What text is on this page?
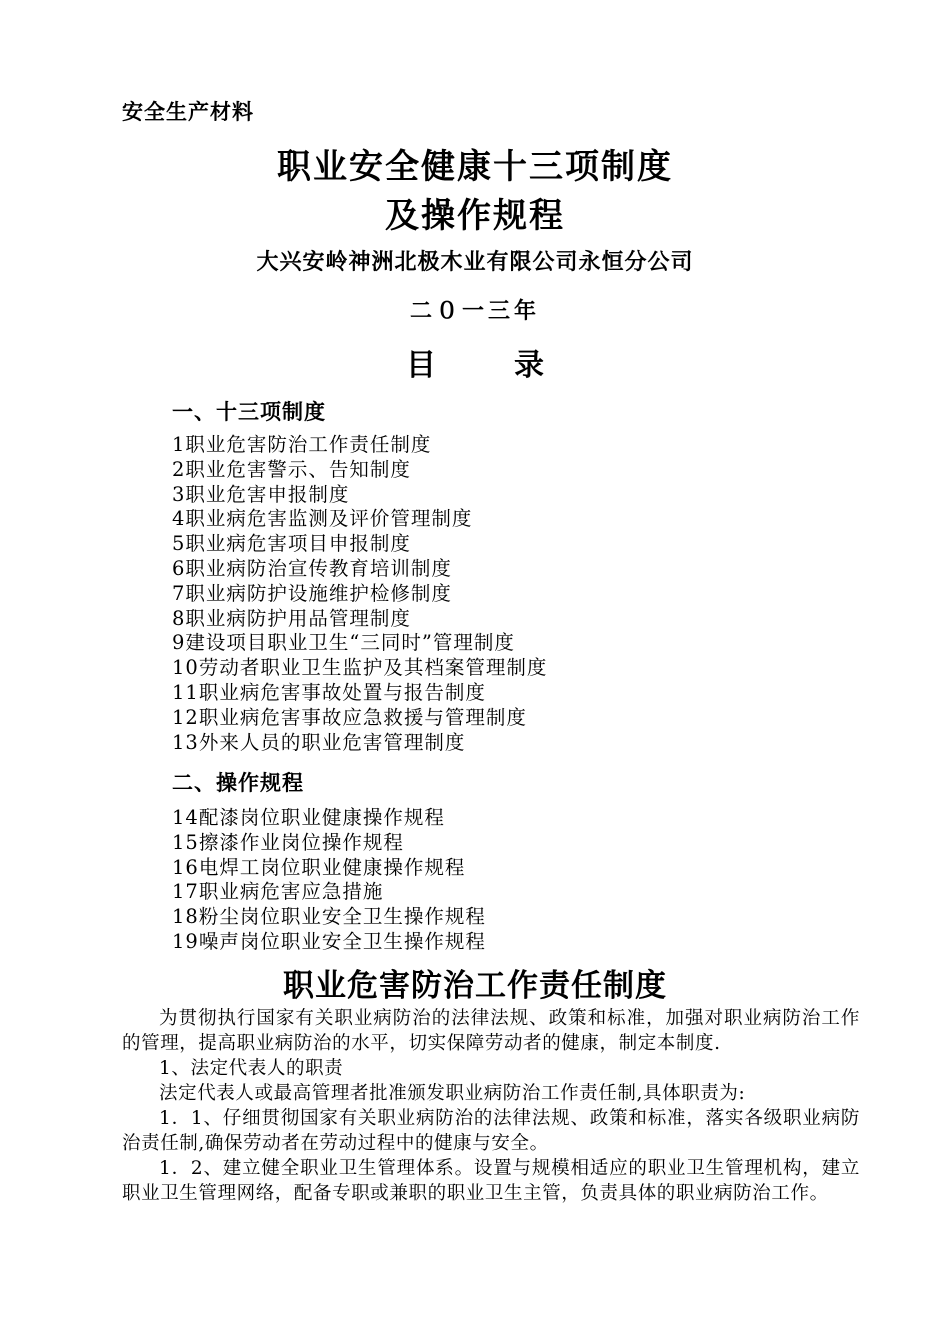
安全生产材料
职业安全健康十三项制度
及操作规程
大兴安岭神洲北极木业有限公司永恒分公司
二０一三年
目	录
一、十三项制度
1职业危害防治工作责任制度
2职业危害警示、告知制度
3职业危害申报制度
4职业病危害监测及评价管理制度
5职业病危害项目申报制度
6职业病防治宣传教育培训制度
7职业病防护设施维护检修制度
8职业病防护用品管理制度
9建设项目职业卫生“三同时”管理制度
10劳动者职业卫生监护及其档案管理制度
11职业病危害事故处置与报告制度
12职业病危害事故应急救援与管理制度
13外来人员的职业危害管理制度
二、操作规程
14配漆岗位职业健康操作规程
15擦漆作业岗位操作规程
16电焊工岗位职业健康操作规程
17职业病危害应急措施
18粉尘岗位职业安全卫生操作规程
19噪声岗位职业安全卫生操作规程
职业危害防治工作责任制度

为贯彻执行国家有关职业病防治的法律法规、政策和标准，加强对职业病防治工作的管理，提高职业病防治的水平，切实保障劳动者的健康，制定本制度.

1、法定代表人的职责

法定代表人或最高管理者批准颁发职业病防治工作责任制,具体职责为:

1．1、仔细贯彻国家有关职业病防治的法律法规、政策和标准，落实各级职业病防治责任制,确保劳动者在劳动过程中的健康与安全。

1．2、建立健全职业卫生管理体系。设置与规模相适应的职业卫生管理机构，建立职业卫生管理网络，配备专职或兼职的职业卫生主管，负责具体的职业病防治工作。
